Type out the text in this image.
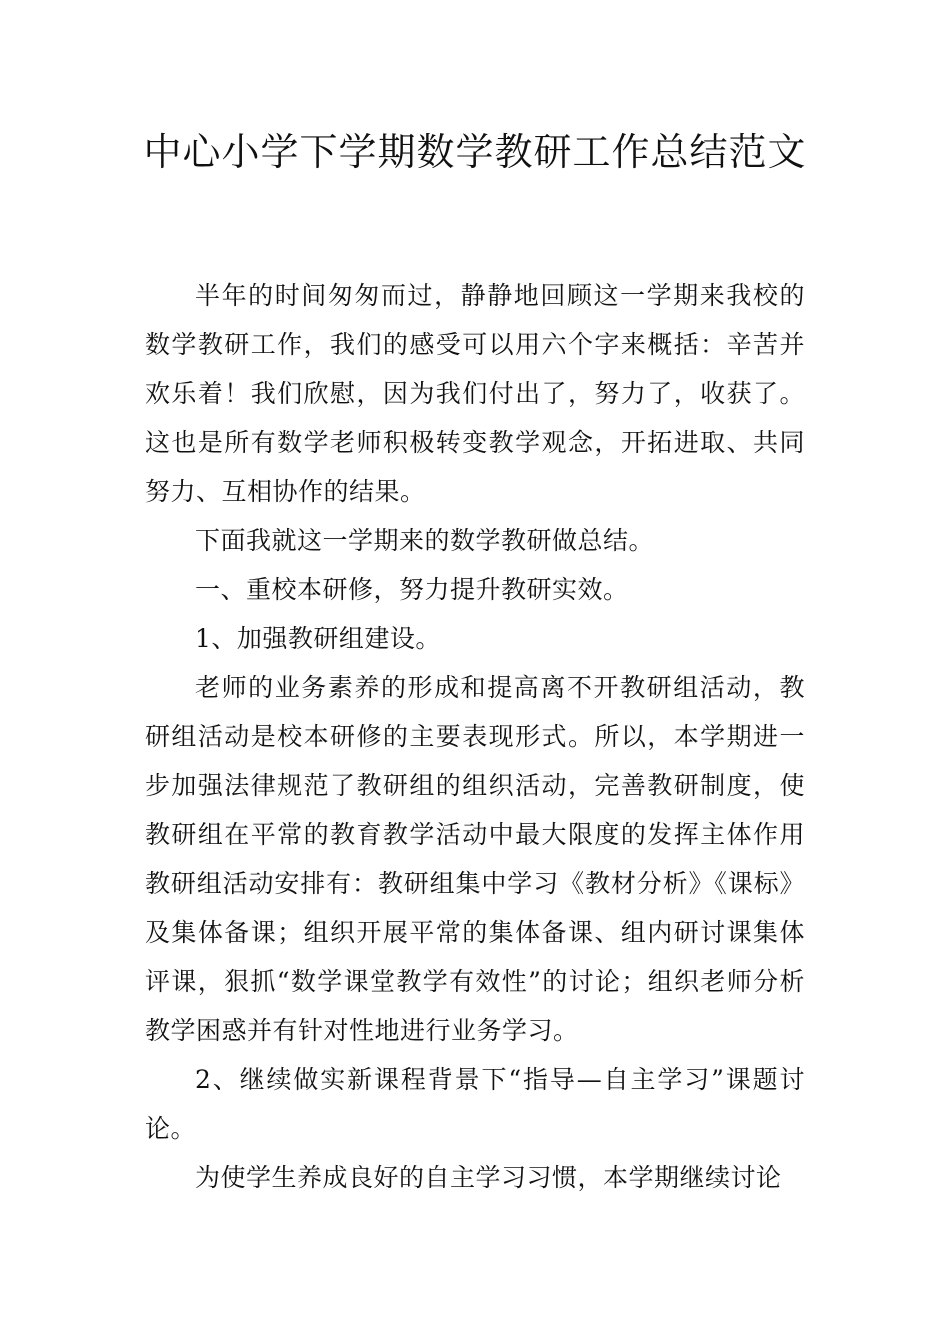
中心小学下学期数学教研工作总结范文

半年的时间匆匆而过，静静地回顾这一学期来我校的数学教研工作，我们的感受可以用六个字来概括：辛苦并欢乐着！我们欣慰，因为我们付出了，努力了，收获了。这也是所有数学老师积极转变教学观念，开拓进取、共同努力、互相协作的结果。

下面我就这一学期来的数学教研做总结。

一、重校本研修，努力提升教研实效。

1、加强教研组建设。

老师的业务素养的形成和提高离不开教研组活动，教研组活动是校本研修的主要表现形式。所以，本学期进一步加强法律规范了教研组的组织活动，完善教研制度，使教研组在平常的教育教学活动中最大限度的发挥主体作用教研组活动安排有：教研组集中学习《教材分析》《课标》及集体备课；组织开展平常的集体备课、组内研讨课集体评课，狠抓“数学课堂教学有效性”的讨论；组织老师分析教学困惑并有针对性地进行业务学习。

2、继续做实新课程背景下“指导—自主学习”课题讨论。

为使学生养成良好的自主学习习惯，本学期继续讨论
